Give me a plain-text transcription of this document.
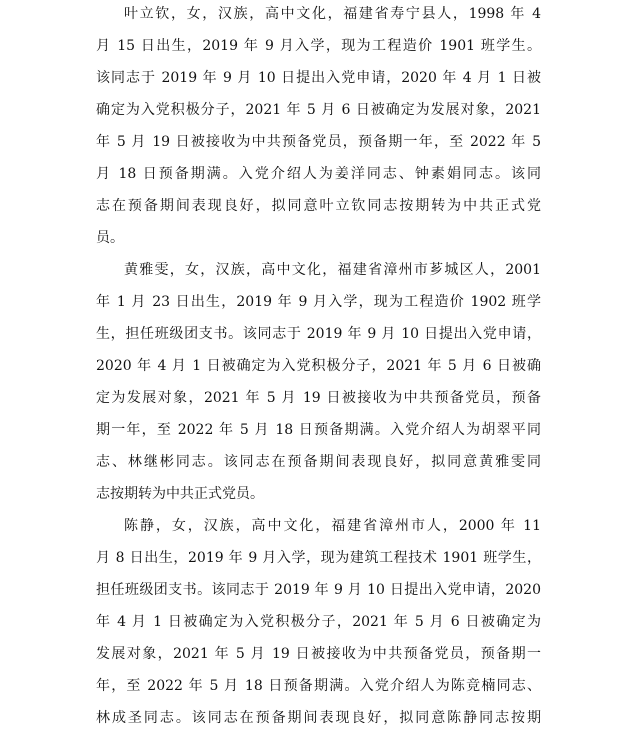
叶立钦，女，汉族，高中文化，福建省寿宁县人，1998 年 4
月 15 日出生，2019 年 9 月入学，现为工程造价 1901 班学生。
该同志于 2019 年 9 月 10 日提出入党申请，2020 年 4 月 1 日被
确定为入党积极分子，2021 年 5 月 6 日被确定为发展对象，2021
年 5 月 19 日被接收为中共预备党员，预备期一年，至 2022 年 5
月 18 日预备期满。入党介绍人为姜洋同志、钟素娟同志。该同
志在预备期间表现良好，拟同意叶立钦同志按期转为中共正式党
员。
黄雅雯，女，汉族，高中文化，福建省漳州市芗城区人，2001
年 1 月 23 日出生，2019 年 9 月入学，现为工程造价 1902 班学
生，担任班级团支书。该同志于 2019 年 9 月 10 日提出入党申请，
2020 年 4 月 1 日被确定为入党积极分子，2021 年 5 月 6 日被确
定为发展对象，2021 年 5 月 19 日被接收为中共预备党员，预备
期一年，至 2022 年 5 月 18 日预备期满。入党介绍人为胡翠平同
志、林继彬同志。该同志在预备期间表现良好，拟同意黄雅雯同
志按期转为中共正式党员。
陈静，女，汉族，高中文化，福建省漳州市人，2000 年 11
月 8 日出生，2019 年 9 月入学，现为建筑工程技术 1901 班学生，
担任班级团支书。该同志于 2019 年 9 月 10 日提出入党申请，2020
年 4 月 1 日被确定为入党积极分子，2021 年 5 月 6 日被确定为
发展对象，2021 年 5 月 19 日被接收为中共预备党员，预备期一
年，至 2022 年 5 月 18 日预备期满。入党介绍人为陈竞楠同志、
林成圣同志。该同志在预备期间表现良好，拟同意陈静同志按期
